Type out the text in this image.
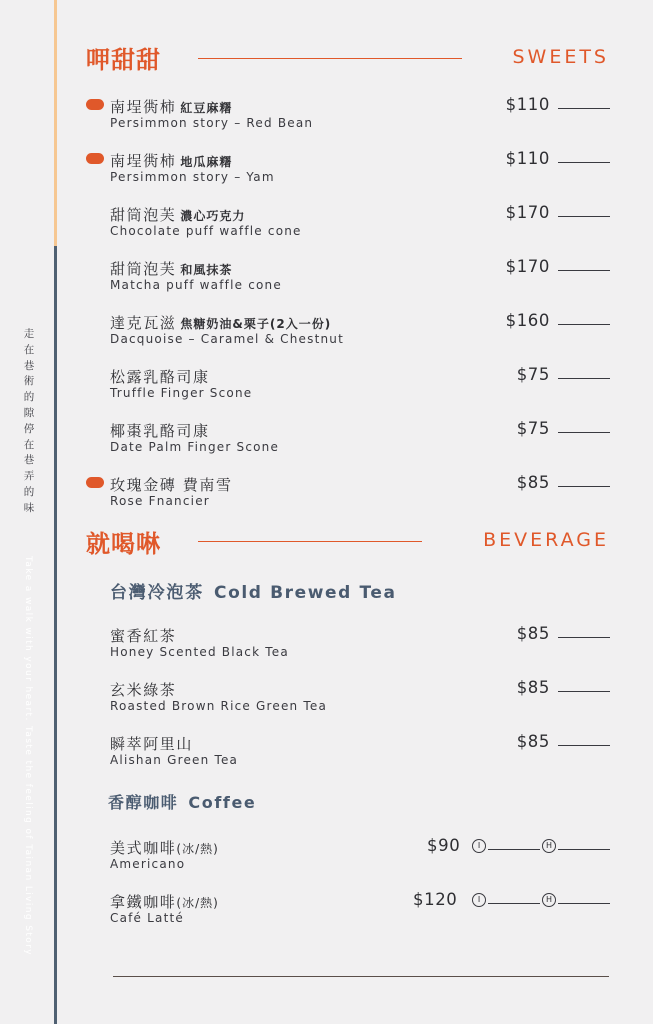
走在巷術的隙　停在巷弄的味
Take a walk with your heart. Taste the feeling of Tainan Living Story
呷甜甜	SWEETS
南埕衖柿 紅豆麻糬
Persimmon story – Red Bean
$110
南埕衖柿 地瓜麻糬
Persimmon story – Yam
$110
甜筒泡芙 濃心巧克力
Chocolate puff waffle cone
$170
甜筒泡芙 和風抹茶
Matcha puff waffle cone
$170
達克瓦滋 焦糖奶油&栗子(2入一份)
Dacquoise – Caramel & Chestnut
$160
松露乳酪司康
Truffle Finger Scone
$75
椰棗乳酪司康
Date Palm Finger Scone
$75
玫瑰金磚 費南雪
Rose Fnancier
$85
就喝啉	BEVERAGE
台灣冷泡茶 Cold Brewed Tea
蜜香紅茶
Honey Scented Black Tea
$85
玄米綠茶
Roasted Brown Rice Green Tea
$85
瞬萃阿里山
Alishan Green Tea
$85
香醇咖啡 Coffee
美式咖啡(冰/熱)
Americano
$90	I	H
拿鐵咖啡(冰/熱)
Café Latté
$120	I	H
